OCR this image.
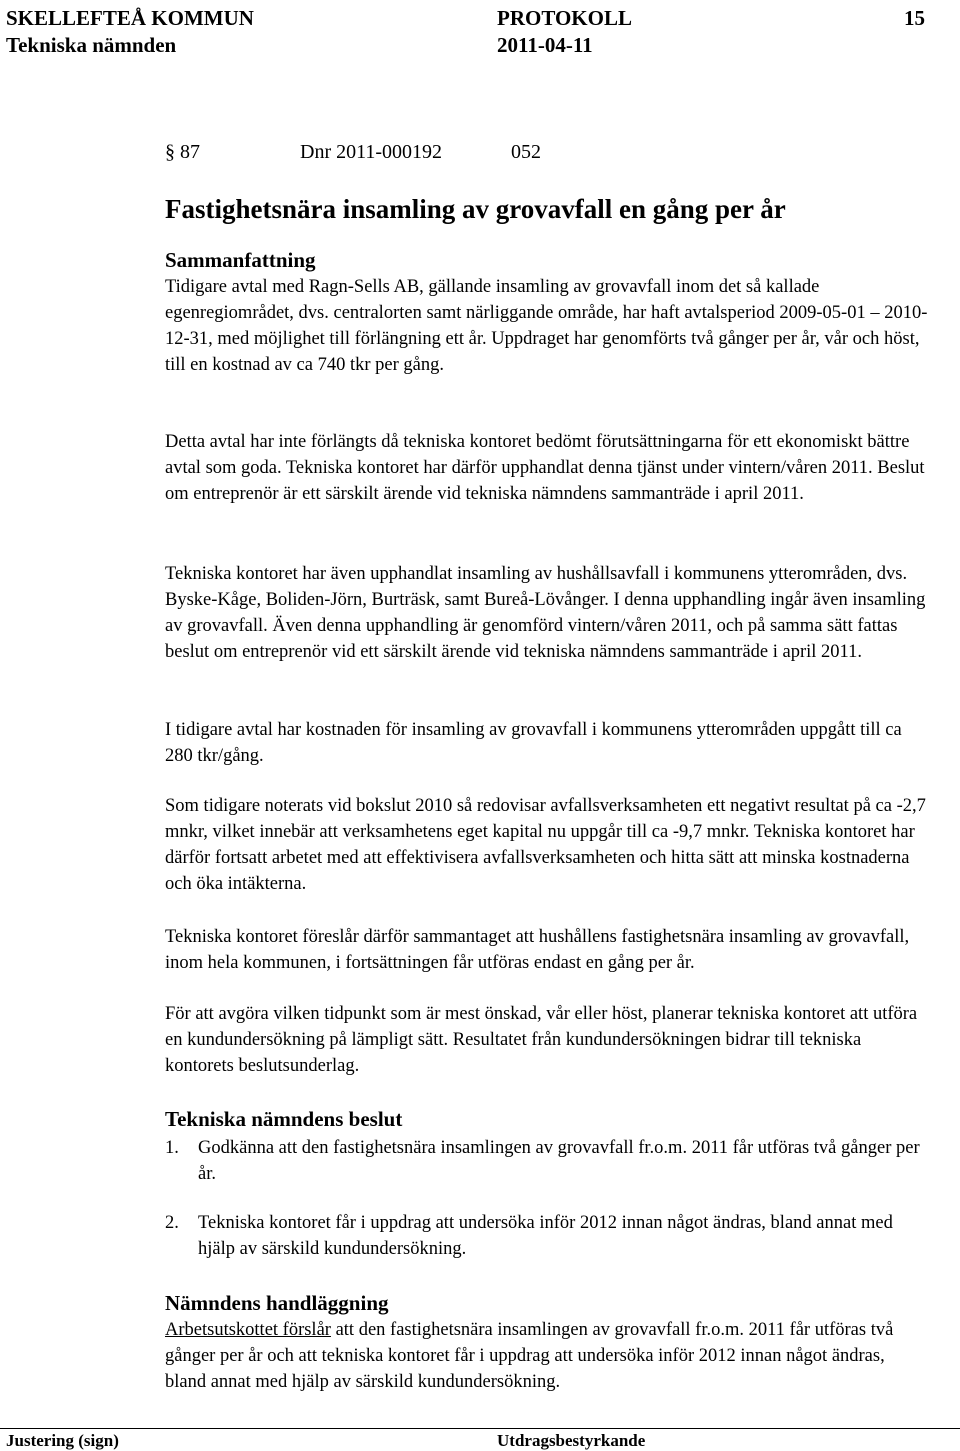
SKELLEFTEÅ KOMMUN	PROTOKOLL	15
Tekniska nämnden	2011-04-11
§ 87	Dnr 2011-000192	052
Fastighetsnära insamling av grovavfall en gång per år
Sammanfattning

Tidigare avtal med Ragn-Sells AB, gällande insamling av grovavfall inom det så kallade egenregiområdet, dvs. centralorten samt närliggande område, har haft avtalsperiod 2009-05-01 – 2010-12-31, med möjlighet till förlängning ett år. Uppdraget har genomförts två gånger per år, vår och höst, till en kostnad av ca 740 tkr per gång.

Detta avtal har inte förlängts då tekniska kontoret bedömt förutsättningarna för ett ekonomiskt bättre avtal som goda. Tekniska kontoret har därför upphandlat denna tjänst under vintern/våren 2011. Beslut om entreprenör är ett särskilt ärende vid tekniska nämndens sammanträde i april 2011.

Tekniska kontoret har även upphandlat insamling av hushållsavfall i kommunens ytterområden, dvs. Byske-Kåge, Boliden-Jörn, Burträsk, samt Bureå-Lövånger. I denna upphandling ingår även insamling av grovavfall. Även denna upphandling är genomförd vintern/våren 2011, och på samma sätt fattas beslut om entreprenör vid ett särskilt ärende vid tekniska nämndens sammanträde i april 2011.

I tidigare avtal har kostnaden för insamling av grovavfall i kommunens ytterområden uppgått till ca 280 tkr/gång.

Som tidigare noterats vid bokslut 2010 så redovisar avfallsverksamheten ett negativt resultat på ca -2,7 mnkr, vilket innebär att verksamhetens eget kapital nu uppgår till ca -9,7 mnkr. Tekniska kontoret har därför fortsatt arbetet med att effektivisera avfallsverksamheten och hitta sätt att minska kostnaderna och öka intäkterna.

Tekniska kontoret föreslår därför sammantaget att hushållens fastighetsnära insamling av grovavfall, inom hela kommunen, i fortsättningen får utföras endast en gång per år.

För att avgöra vilken tidpunkt som är mest önskad, vår eller höst, planerar tekniska kontoret att utföra en kundundersökning på lämpligt sätt. Resultatet från kundundersökningen bidrar till tekniska kontorets beslutsunderlag.

Tekniska nämndens beslut
1. Godkänna att den fastighetsnära insamlingen av grovavfall fr.o.m. 2011 får utföras två gånger per år.
2. Tekniska kontoret får i uppdrag att undersöka inför 2012 innan något ändras, bland annat med hjälp av särskild kundundersökning.
Nämndens handläggning

Arbetsutskottet förslår att den fastighetsnära insamlingen av grovavfall fr.o.m. 2011 får utföras två gånger per år och att tekniska kontoret får i uppdrag att undersöka inför 2012 innan något ändras, bland annat med hjälp av särskild kundundersökning.

Justering (sign)	Utdragsbestyrkande
